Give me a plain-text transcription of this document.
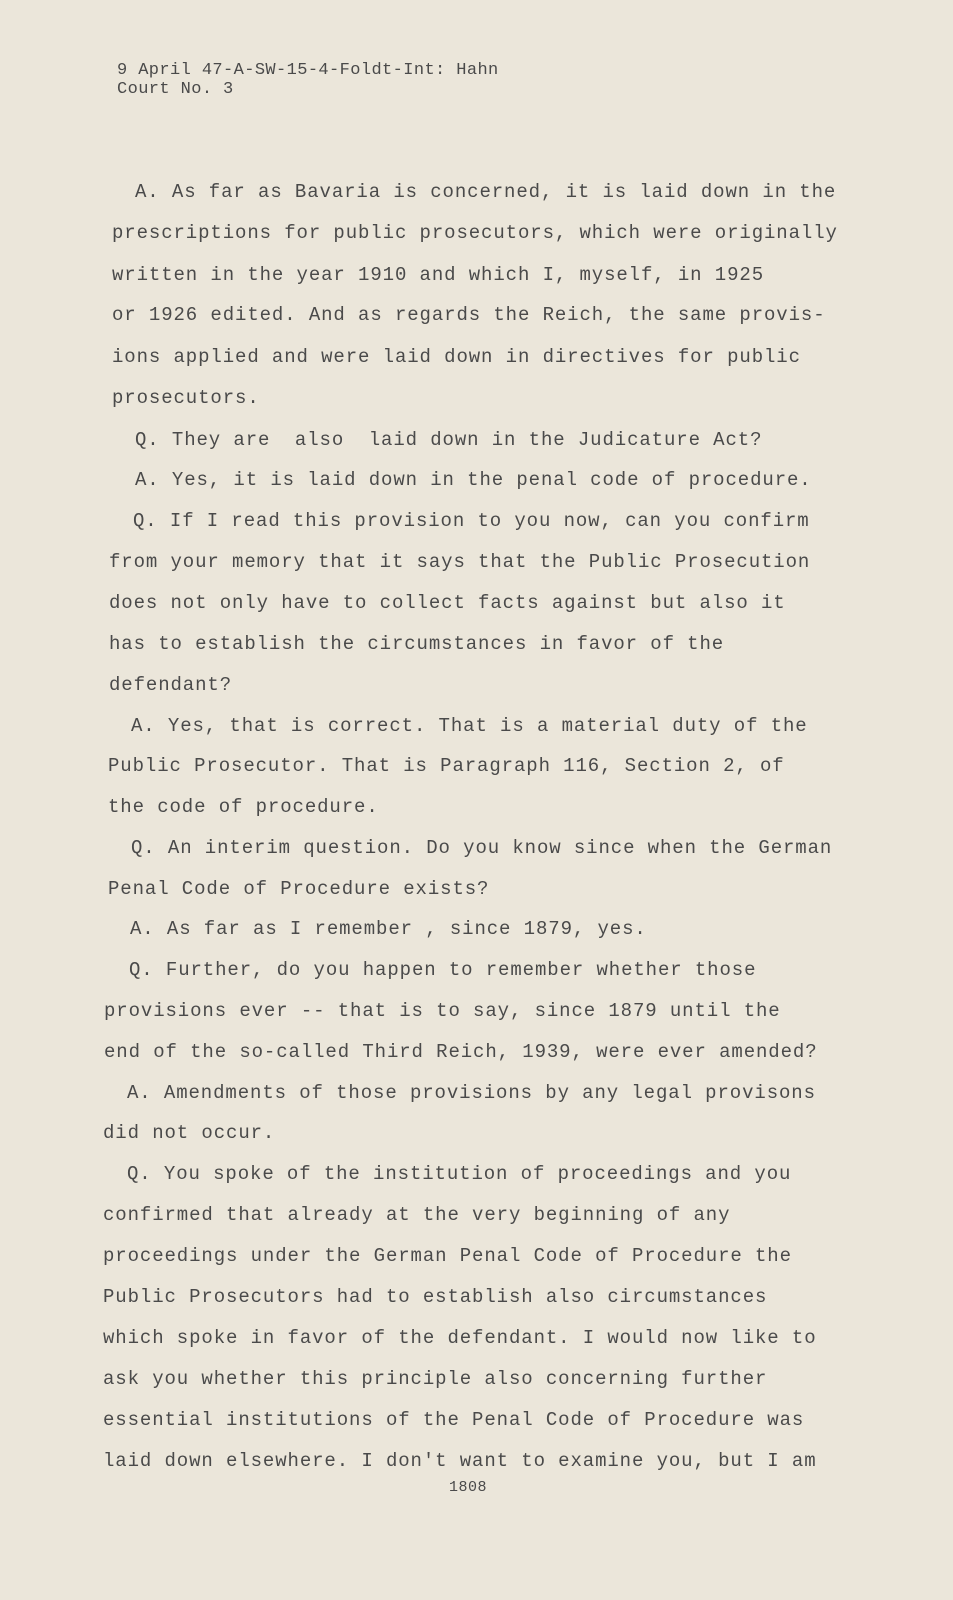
9 April 47-A-SW-15-4-Foldt-Int: Hahn
Court No. 3
A. As far as Bavaria is concerned, it is laid down in the
prescriptions for public prosecutors, which were originally
written in the year 1910 and which I, myself, in 1925
or 1926 edited. And as regards the Reich, the same provis-
ions applied and were laid down in directives for public
prosecutors.
Q. They are  also  laid down in the Judicature Act?
A. Yes, it is laid down in the penal code of procedure.
Q. If I read this provision to you now, can you confirm
from your memory that it says that the Public Prosecution
does not only have to collect facts against but also it
has to establish the circumstances in favor of the
defendant?
A. Yes, that is correct. That is a material duty of the
Public Prosecutor. That is Paragraph 116, Section 2, of
the code of procedure.
Q. An interim question. Do you know since when the German
Penal Code of Procedure exists?
A. As far as I remember , since 1879, yes.
Q. Further, do you happen to remember whether those
provisions ever -- that is to say, since 1879 until the
end of the so-called Third Reich, 1939, were ever amended?
A. Amendments of those provisions by any legal provisons
did not occur.
Q. You spoke of the institution of proceedings and you
confirmed that already at the very beginning of any
proceedings under the German Penal Code of Procedure the
Public Prosecutors had to establish also circumstances
which spoke in favor of the defendant. I would now like to
ask you whether this principle also concerning further
essential institutions of the Penal Code of Procedure was
laid down elsewhere. I don't want to examine you, but I am
1808
